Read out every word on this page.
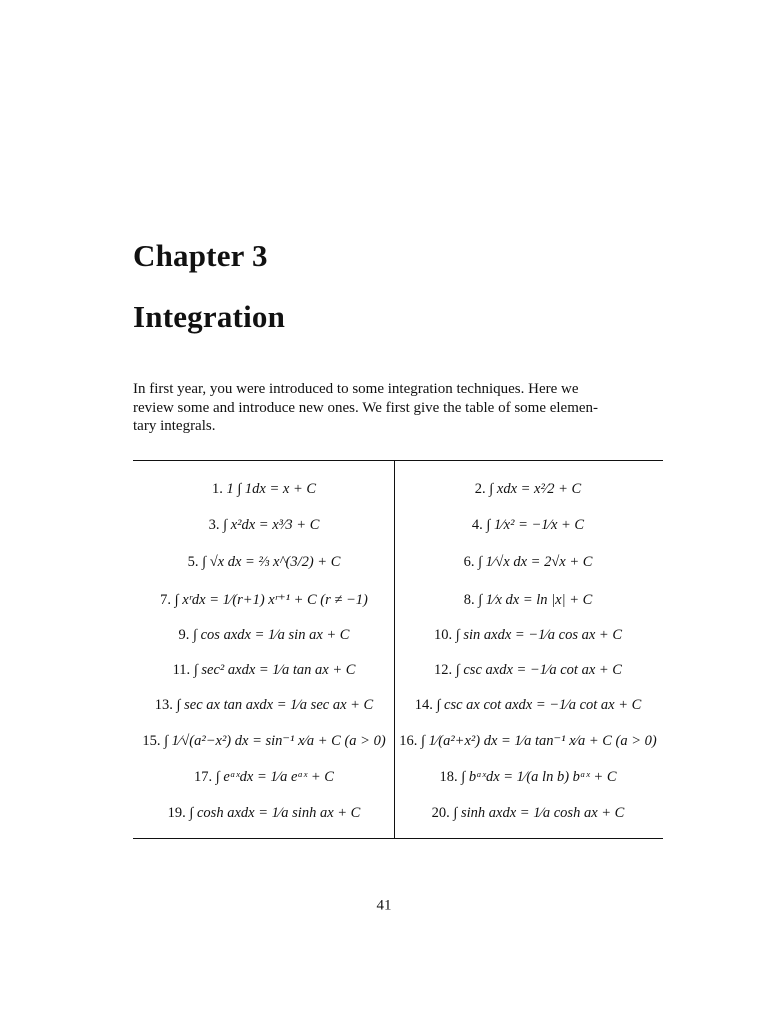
Chapter 3
Integration
In first year, you were introduced to some integration techniques. Here we
review some and introduce new ones. We first give the table of some elemen-
tary integrals.
1. 1 ∫ 1dx = x + C	2. ∫ xdx = x²⁄2 + C
3. ∫ x²dx = x³⁄3 + C	4. ∫ 1⁄x² = −1⁄x + C
5. ∫ √x dx = ⅔ x^(3/2) + C	6. ∫ 1⁄√x dx = 2√x + C
7. ∫ xʳdx = 1⁄(r+1) xʳ⁺¹ + C (r ≠ −1)	8. ∫ 1⁄x dx = ln |x| + C
9. ∫ cos axdx = 1⁄a sin ax + C	10. ∫ sin axdx = −1⁄a cos ax + C
11. ∫ sec² axdx = 1⁄a tan ax + C	12. ∫ csc axdx = −1⁄a cot ax + C
13. ∫ sec ax tan axdx = 1⁄a sec ax + C	14. ∫ csc ax cot axdx = −1⁄a cot ax + C
15. ∫ 1⁄√(a²−x²) dx = sin⁻¹ x⁄a + C (a > 0) 16. ∫ 1⁄(a²+x²) dx = 1⁄a tan⁻¹ x⁄a + C (a > 0)
17. ∫ eᵃˣdx = 1⁄a eᵃˣ + C	18. ∫ bᵃˣdx = 1⁄(a ln b) bᵃˣ + C
19. ∫ cosh axdx = 1⁄a sinh ax + C	20. ∫ sinh axdx = 1⁄a cosh ax + C
41
